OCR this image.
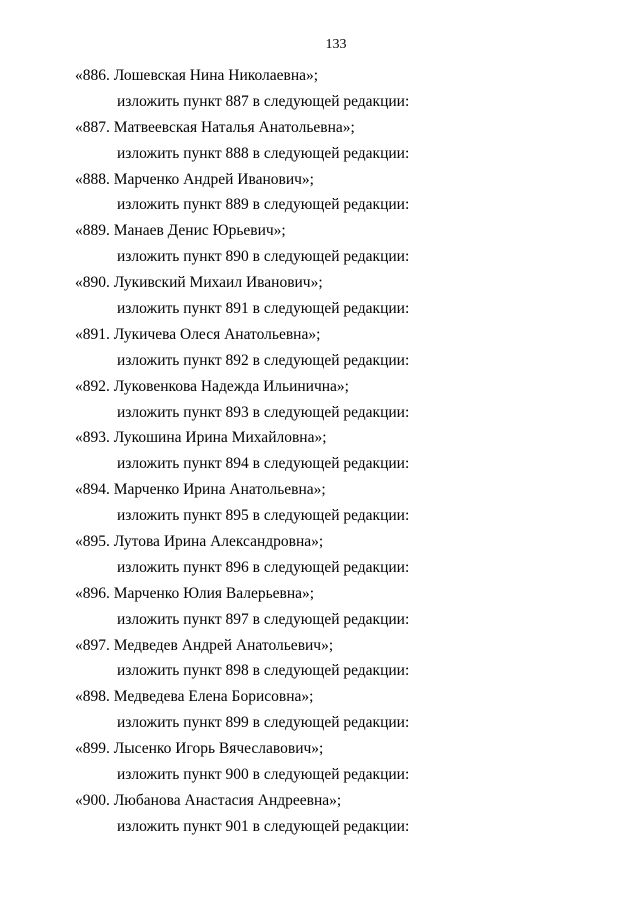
133
«886. Лошевская Нина Николаевна»;
изложить пункт 887 в следующей редакции:
«887. Матвеевская Наталья Анатольевна»;
изложить пункт 888 в следующей редакции:
«888. Марченко Андрей Иванович»;
изложить пункт 889 в следующей редакции:
«889. Манаев Денис Юрьевич»;
изложить пункт 890 в следующей редакции:
«890. Лукивский Михаил Иванович»;
изложить пункт 891 в следующей редакции:
«891. Лукичева Олеся Анатольевна»;
изложить пункт 892 в следующей редакции:
«892. Луковенкова Надежда Ильинична»;
изложить пункт 893 в следующей редакции:
«893. Лукошина Ирина Михайловна»;
изложить пункт 894 в следующей редакции:
«894. Марченко Ирина Анатольевна»;
изложить пункт 895 в следующей редакции:
«895. Лутова Ирина Александровна»;
изложить пункт 896 в следующей редакции:
«896. Марченко Юлия Валерьевна»;
изложить пункт 897 в следующей редакции:
«897. Медведев Андрей Анатольевич»;
изложить пункт 898 в следующей редакции:
«898. Медведева Елена Борисовна»;
изложить пункт 899 в следующей редакции:
«899. Лысенко Игорь Вячеславович»;
изложить пункт 900 в следующей редакции:
«900. Любанова Анастасия Андреевна»;
изложить пункт 901 в следующей редакции:
